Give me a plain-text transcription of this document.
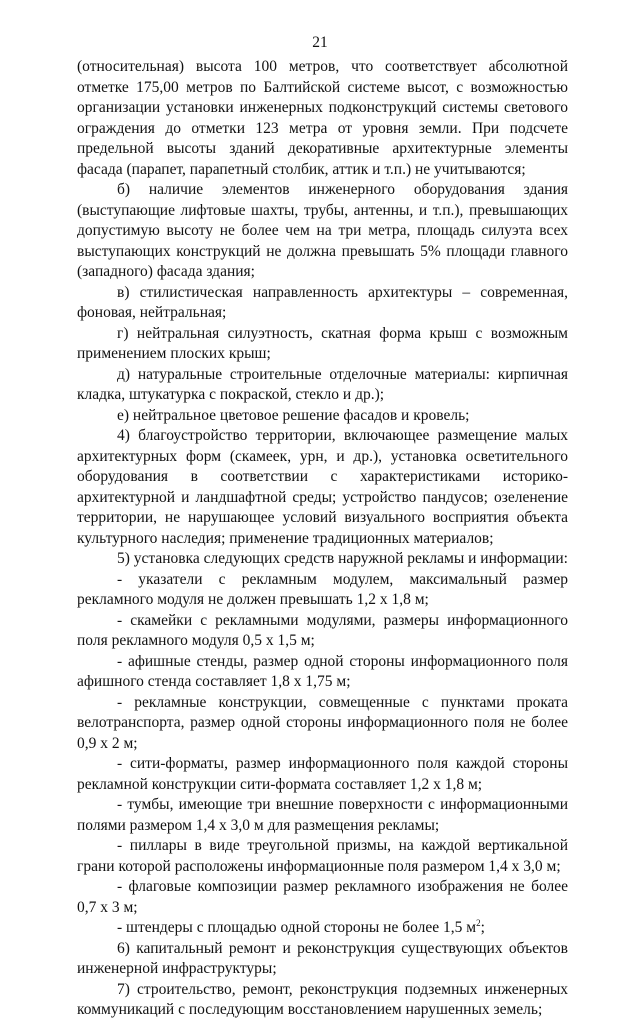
21

(относительная) высота 100 метров, что соответствует абсолютной отметке 175,00 метров по Балтийской системе высот, с возможностью организации установки инженерных подконструкций системы светового ограждения до отметки 123 метра от уровня земли. При подсчете предельной высоты зданий декоративные архитектурные элементы фасада (парапет, парапетный столбик, аттик и т.п.) не учитываются;

б) наличие элементов инженерного оборудования здания (выступающие лифтовые шахты, трубы, антенны, и т.п.), превышающих допустимую высоту не более чем на три метра, площадь силуэта всех выступающих конструкций не должна превышать 5% площади главного (западного) фасада здания;

в) стилистическая направленность архитектуры – современная, фоновая, нейтральная;

г) нейтральная силуэтность, скатная форма крыш с возможным применением плоских крыш;

д) натуральные строительные отделочные материалы: кирпичная кладка, штукатурка с покраской, стекло и др.);

е) нейтральное цветовое решение фасадов и кровель;

4) благоустройство территории, включающее размещение малых архитектурных форм (скамеек, урн, и др.), установка осветительного оборудования в соответствии с характеристиками историко-архитектурной и ландшафтной среды; устройство пандусов; озеленение территории, не нарушающее условий визуального восприятия объекта культурного наследия; применение традиционных материалов;

5) установка следующих средств наружной рекламы и информации:

- указатели с рекламным модулем, максимальный размер рекламного модуля не должен превышать 1,2 х 1,8 м;

- скамейки с рекламными модулями, размеры информационного поля рекламного модуля 0,5 х 1,5 м;

- афишные стенды, размер одной стороны информационного поля афишного стенда составляет 1,8 х 1,75 м;

- рекламные конструкции, совмещенные с пунктами проката велотранспорта, размер одной стороны информационного поля не более 0,9 х 2 м;

- сити-форматы, размер информационного поля каждой стороны рекламной конструкции сити-формата составляет 1,2 х 1,8 м;

- тумбы, имеющие три внешние поверхности с информационными полями размером 1,4 х 3,0 м для размещения рекламы;

- пиллары в виде треугольной призмы, на каждой вертикальной грани которой расположены информационные поля размером 1,4 х 3,0 м;

- флаговые композиции размер рекламного изображения не более 0,7 х 3 м;

- штендеры с площадью одной стороны не более 1,5 $м^2$;

6) капитальный ремонт и реконструкция существующих объектов инженерной инфраструктуры;

7) строительство, ремонт, реконструкция подземных инженерных коммуникаций с последующим восстановлением нарушенных земель;
